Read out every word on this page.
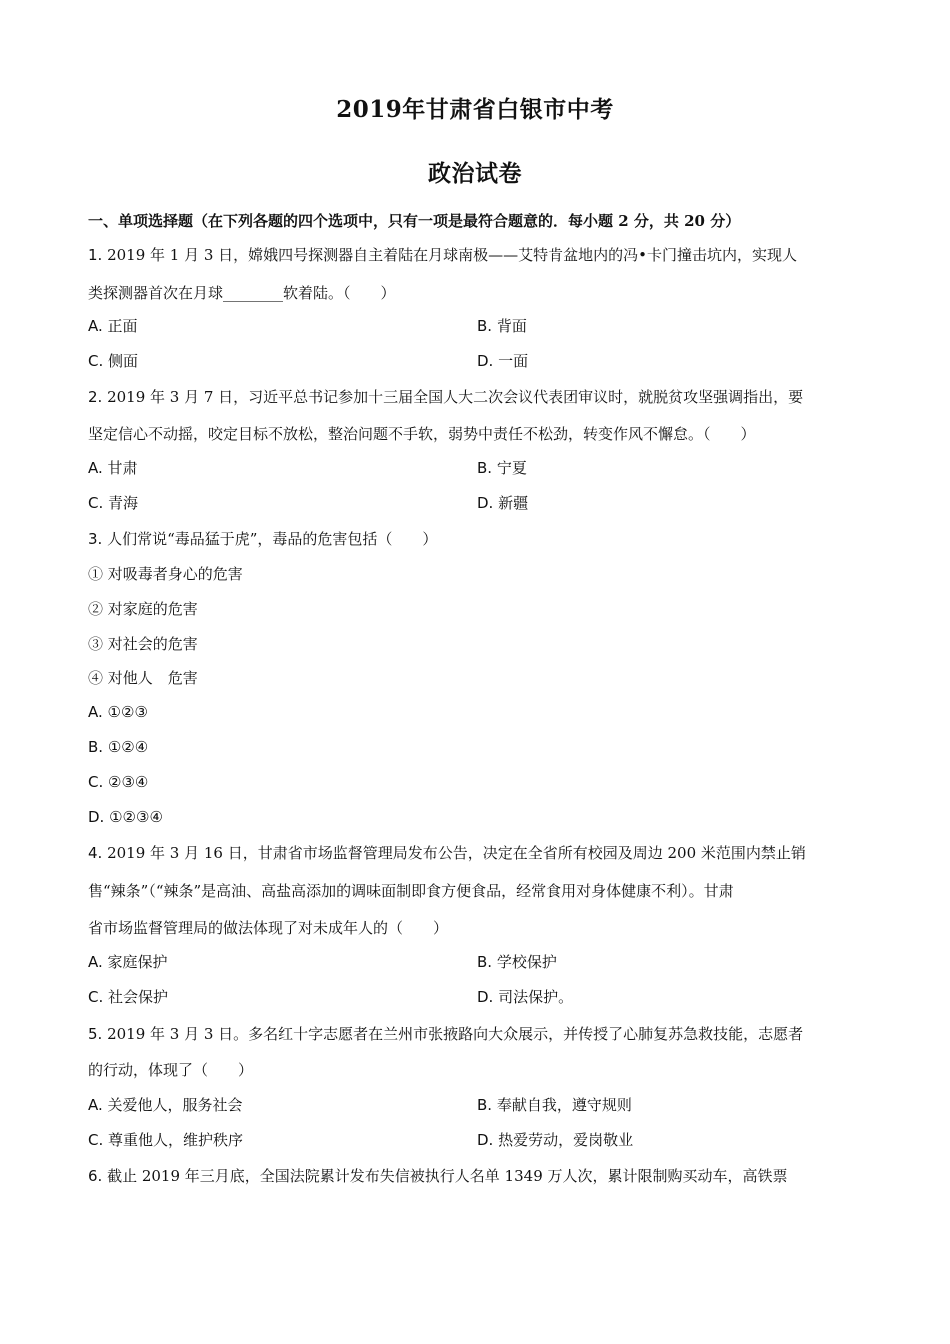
2019年甘肃省白银市中考
政治试卷
一、单项选择题（在下列各题的四个选项中，只有一项是最符合题意的．每小题 2 分，共 20 分）
1. 2019 年 1 月 3 日，嫦娥四号探测器自主着陆在月球南极——艾特肯盆地内的冯•卡门撞击坑内，实现人
类探测器首次在月球________软着陆。（　　）
A. 正面	B. 背面
C. 侧面	D. 一面
2. 2019 年 3 月 7 日，习近平总书记参加十三届全国人大二次会议代表团审议时，就脱贫攻坚强调指出，要
坚定信心不动摇，咬定目标不放松，整治问题不手软，弱势中责任不松劲，转变作风不懈怠。（　　）
A. 甘肃	B. 宁夏
C. 青海	D. 新疆
3. 人们常说“毒品猛于虎”，毒品的危害包括（　　）
① 对吸毒者身心的危害
② 对家庭的危害
③ 对社会的危害
④ 对他人　危害
A. ①②③
B. ①②④
C. ②③④
D. ①②③④
4. 2019 年 3 月 16 日，甘肃省市场监督管理局发布公告，决定在全省所有校园及周边 200 米范围内禁止销
售“辣条”（“辣条”是高油、高盐高添加的调味面制即食方便食品，经常食用对身体健康不利）。甘肃
省市场监督管理局的做法体现了对未成年人的（　　）
A. 家庭保护	B. 学校保护
C. 社会保护	D. 司法保护。
5. 2019 年 3 月 3 日。多名红十字志愿者在兰州市张掖路向大众展示，并传授了心肺复苏急救技能，志愿者
的行动，体现了（　　）
A. 关爱他人，服务社会	B. 奉献自我，遵守规则
C. 尊重他人，维护秩序	D. 热爱劳动，爱岗敬业
6. 截止 2019 年三月底，全国法院累计发布失信被执行人名单 1349 万人次，累计限制购买动车，高铁票
